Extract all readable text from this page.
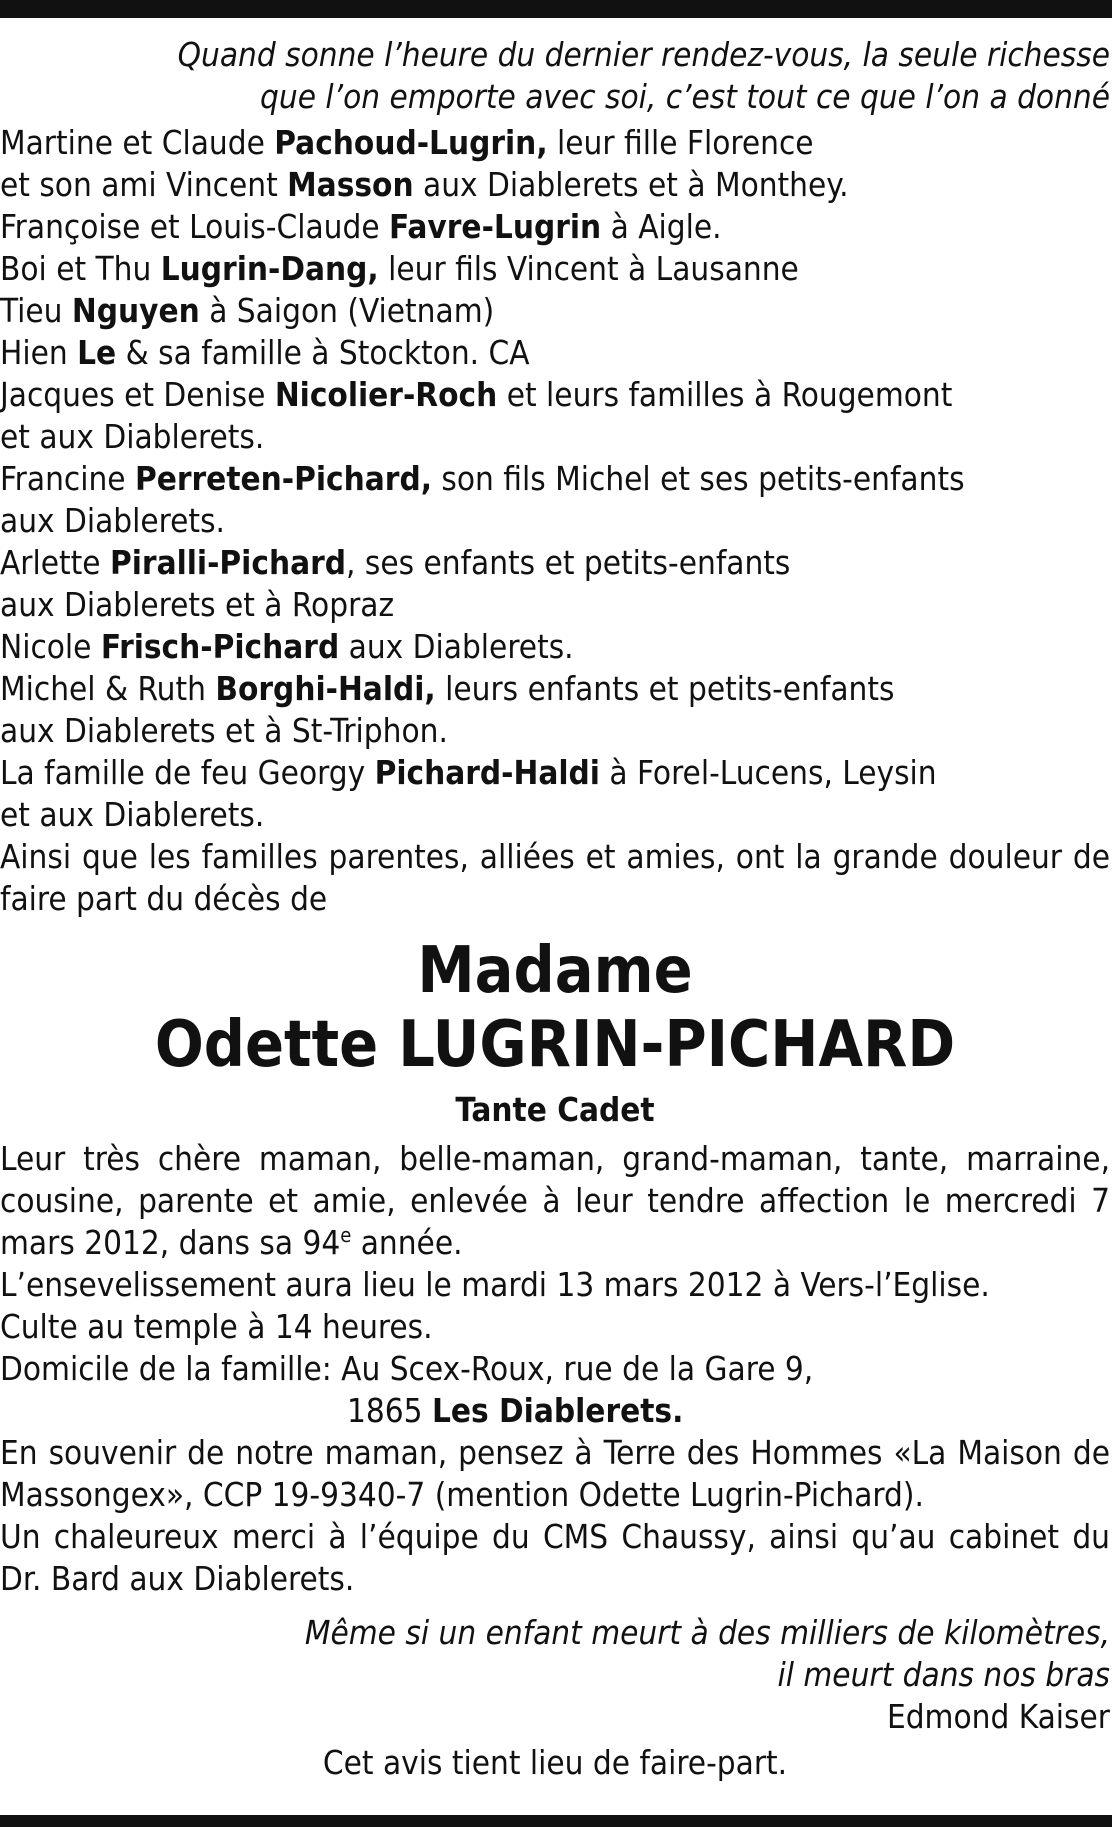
Quand sonne l’heure du dernier rendez-vous, la seule richesse
que l’on emporte avec soi, c’est tout ce que l’on a donné
Martine et Claude Pachoud-Lugrin, leur fille Florence
et son ami Vincent Masson aux Diablerets et à Monthey.
Françoise et Louis-Claude Favre-Lugrin à Aigle.
Boi et Thu Lugrin-Dang, leur fils Vincent à Lausanne
Tieu Nguyen à Saigon (Vietnam)
Hien Le & sa famille à Stockton. CA
Jacques et Denise Nicolier-Roch et leurs familles à Rougemont
et aux Diablerets.
Francine Perreten-Pichard, son fils Michel et ses petits-enfants
aux Diablerets.
Arlette Piralli-Pichard, ses enfants et petits-enfants
aux Diablerets et à Ropraz
Nicole Frisch-Pichard aux Diablerets.
Michel & Ruth Borghi-Haldi, leurs enfants et petits-enfants
aux Diablerets et à St-Triphon.
La famille de feu Georgy Pichard-Haldi à Forel-Lucens, Leysin
et aux Diablerets.
Ainsi que les familles parentes, alliées et amies, ont la grande douleur de faire part du décès de
Madame
Odette LUGRIN-PICHARD
Tante Cadet
Leur très chère maman, belle-maman, grand-maman, tante, marraine, cousine, parente et amie, enlevée à leur tendre affection le mercredi 7 mars 2012, dans sa 94e année.
L’ensevelissement aura lieu le mardi 13 mars 2012 à Vers-l’Eglise.
Culte au temple à 14 heures.
Domicile de la famille: Au Scex-Roux, rue de la Gare 9,
1865 Les Diablerets.
En souvenir de notre maman, pensez à Terre des Hommes «La Maison de Massongex», CCP 19-9340-7 (mention Odette Lugrin-Pichard).
Un chaleureux merci à l’équipe du CMS Chaussy, ainsi qu’au cabinet du Dr. Bard aux Diablerets.
Même si un enfant meurt à des milliers de kilomètres,
il meurt dans nos bras
Edmond Kaiser
Cet avis tient lieu de faire-part.
